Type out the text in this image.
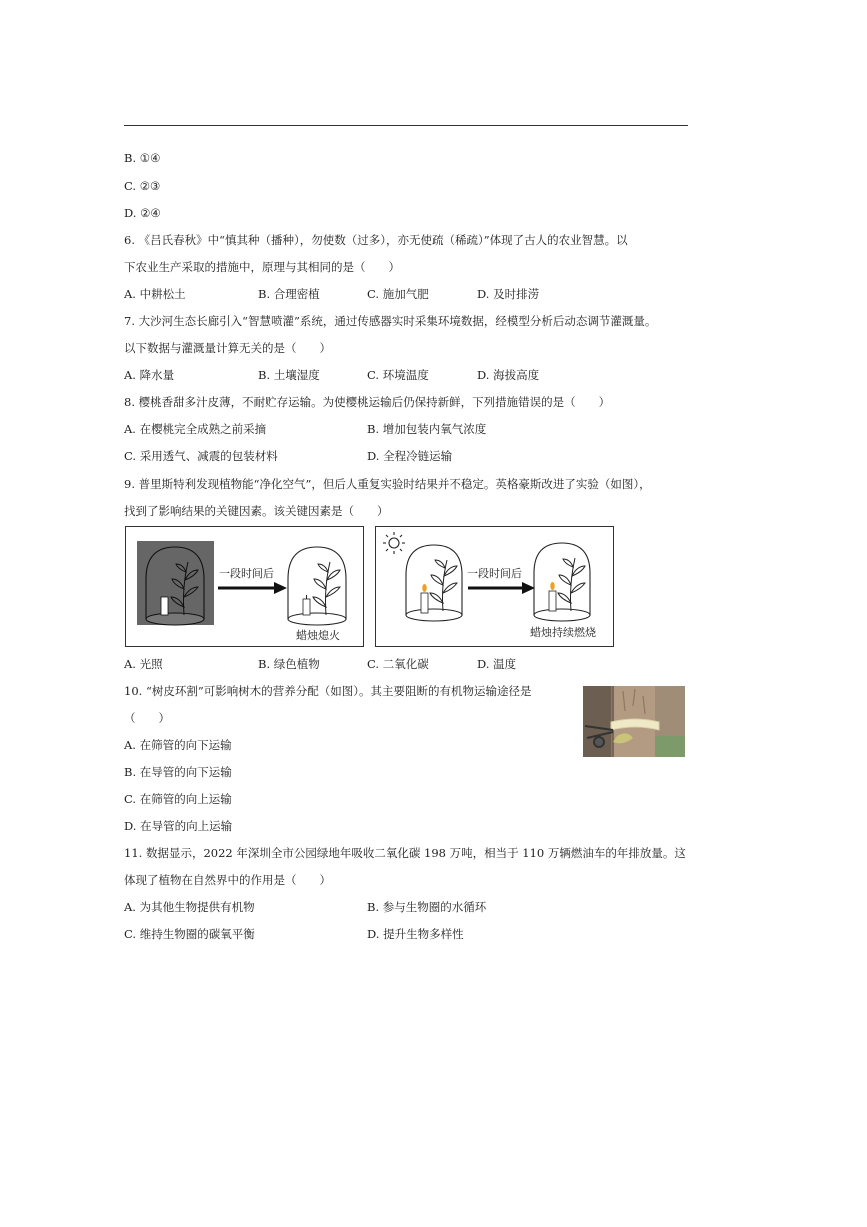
B. ①④
C. ②③
D. ②④
6. 《吕氏春秋》中“慎其种（播种），勿使数（过多），亦无使疏（稀疏）”体现了古人的农业智慧。以
下农业生产采取的措施中，原理与其相同的是（　　）
A. 中耕松土	B. 合理密植	C. 施加气肥	D. 及时排涝
7. 大沙河生态长廊引入“智慧喷灌”系统，通过传感器实时采集环境数据，经模型分析后动态调节灌溉量。
以下数据与灌溉量计算无关的是（　　）
A. 降水量	B. 土壤湿度	C. 环境温度	D. 海拔高度
8. 樱桃香甜多汁皮薄，不耐贮存运输。为使樱桃运输后仍保持新鲜，下列措施错误的是（　　）
A. 在樱桃完全成熟之前采摘	B. 增加包装内氧气浓度
C. 采用透气、减震的包装材料	D. 全程冷链运输
9. 普里斯特利发现植物能“净化空气”，但后人重复实验时结果并不稳定。英格豪斯改进了实验（如图），
找到了影响结果的关键因素。该关键因素是（　　）
一段时间后
蜡烛熄火
一段时间后
蜡烛持续燃烧
A. 光照	B. 绿色植物	C. 二氧化碳	D. 温度
10. “树皮环割”可影响树木的营养分配（如图）。其主要阻断的有机物运输途径是
（　　）
A. 在筛管的向下运输
B. 在导管的向下运输
C. 在筛管的向上运输
D. 在导管的向上运输
11. 数据显示，2022 年深圳全市公园绿地年吸收二氧化碳 198 万吨，相当于 110 万辆燃油车的年排放量。这
体现了植物在自然界中的作用是（　　）
A. 为其他生物提供有机物	B. 参与生物圈的水循环
C. 维持生物圈的碳氧平衡	D. 提升生物多样性
